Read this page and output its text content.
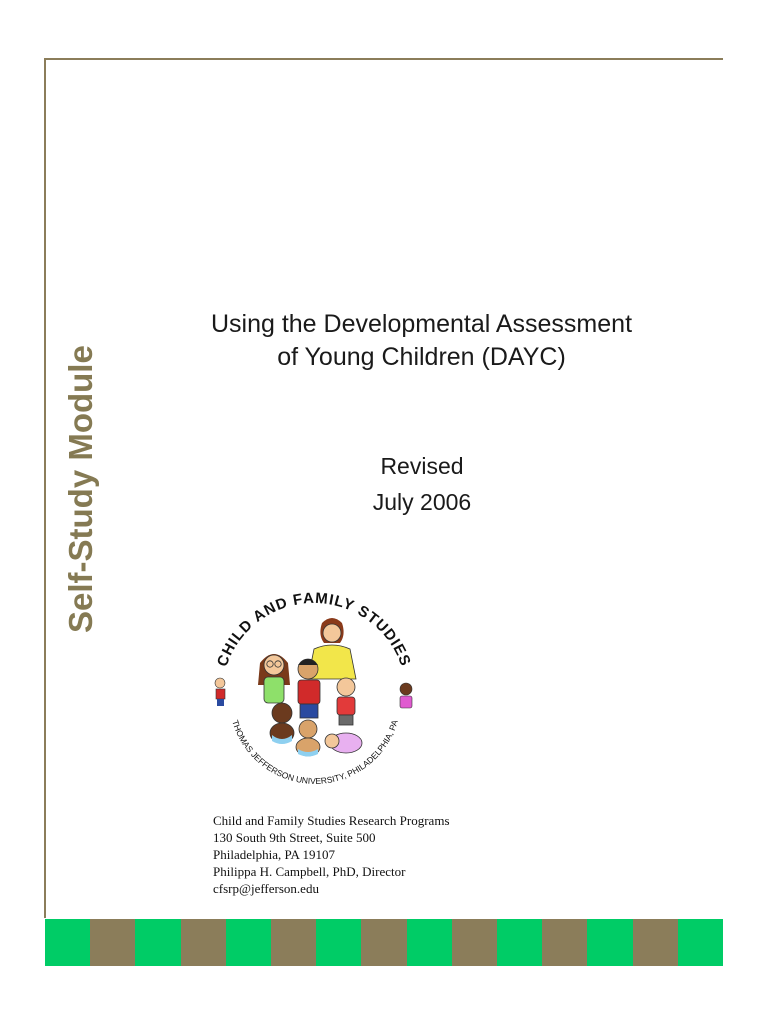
Self-Study Module
Using the Developmental Assessment
of Young Children (DAYC)
Revised
July 2006
CHILD AND FAMILY STUDIES
THOMAS JEFFERSON UNIVERSITY, PHILADELPHIA, PA
Child and Family Studies Research Programs
130 South 9th Street, Suite 500
Philadelphia, PA 19107
Philippa H. Campbell, PhD, Director
cfsrp@jefferson.edu
